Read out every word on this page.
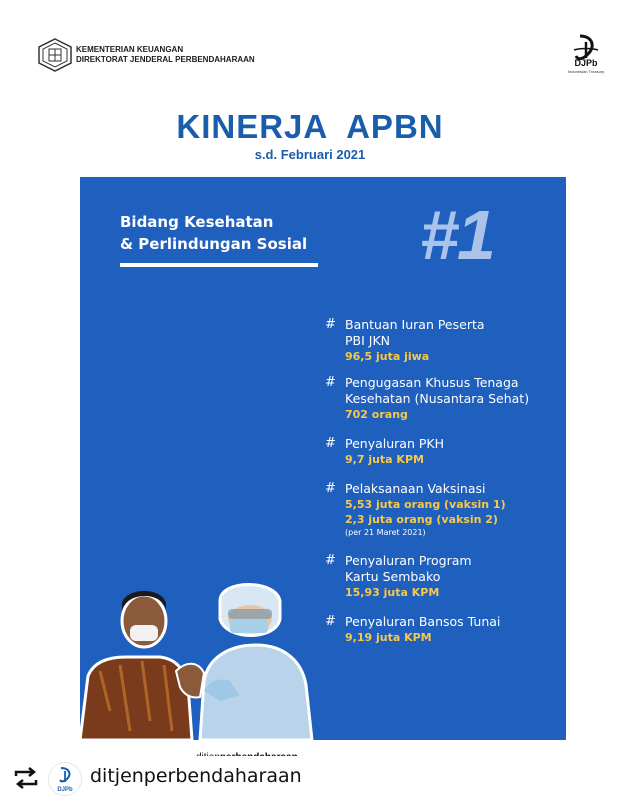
KEMENTERIAN KEUANGAN
DIREKTORAT JENDERAL PERBENDAHARAAN	DJPb
Indonesian Treasury
KINERJA  APBN
s.d. Februari 2021
Bidang Kesehatan
& Perlindungan Sosial	#1
# Bantuan Iuran Peserta
PBI JKN
96,5 juta jiwa
# Pengugasan Khusus Tenaga
Kesehatan (Nusantara Sehat)
702 orang
# Penyaluran PKH
9,7 juta KPM
# Pelaksanaan Vaksinasi
5,53 juta orang (vaksin 1)
2,3 juta orang (vaksin 2)
(per 21 Maret 2021)
# Penyaluran Program
Kartu Sembako
15,93 juta KPM
# Penyaluran Bansos Tunai
9,19 juta KPM
DJPb
ditjenperbendaharaan
